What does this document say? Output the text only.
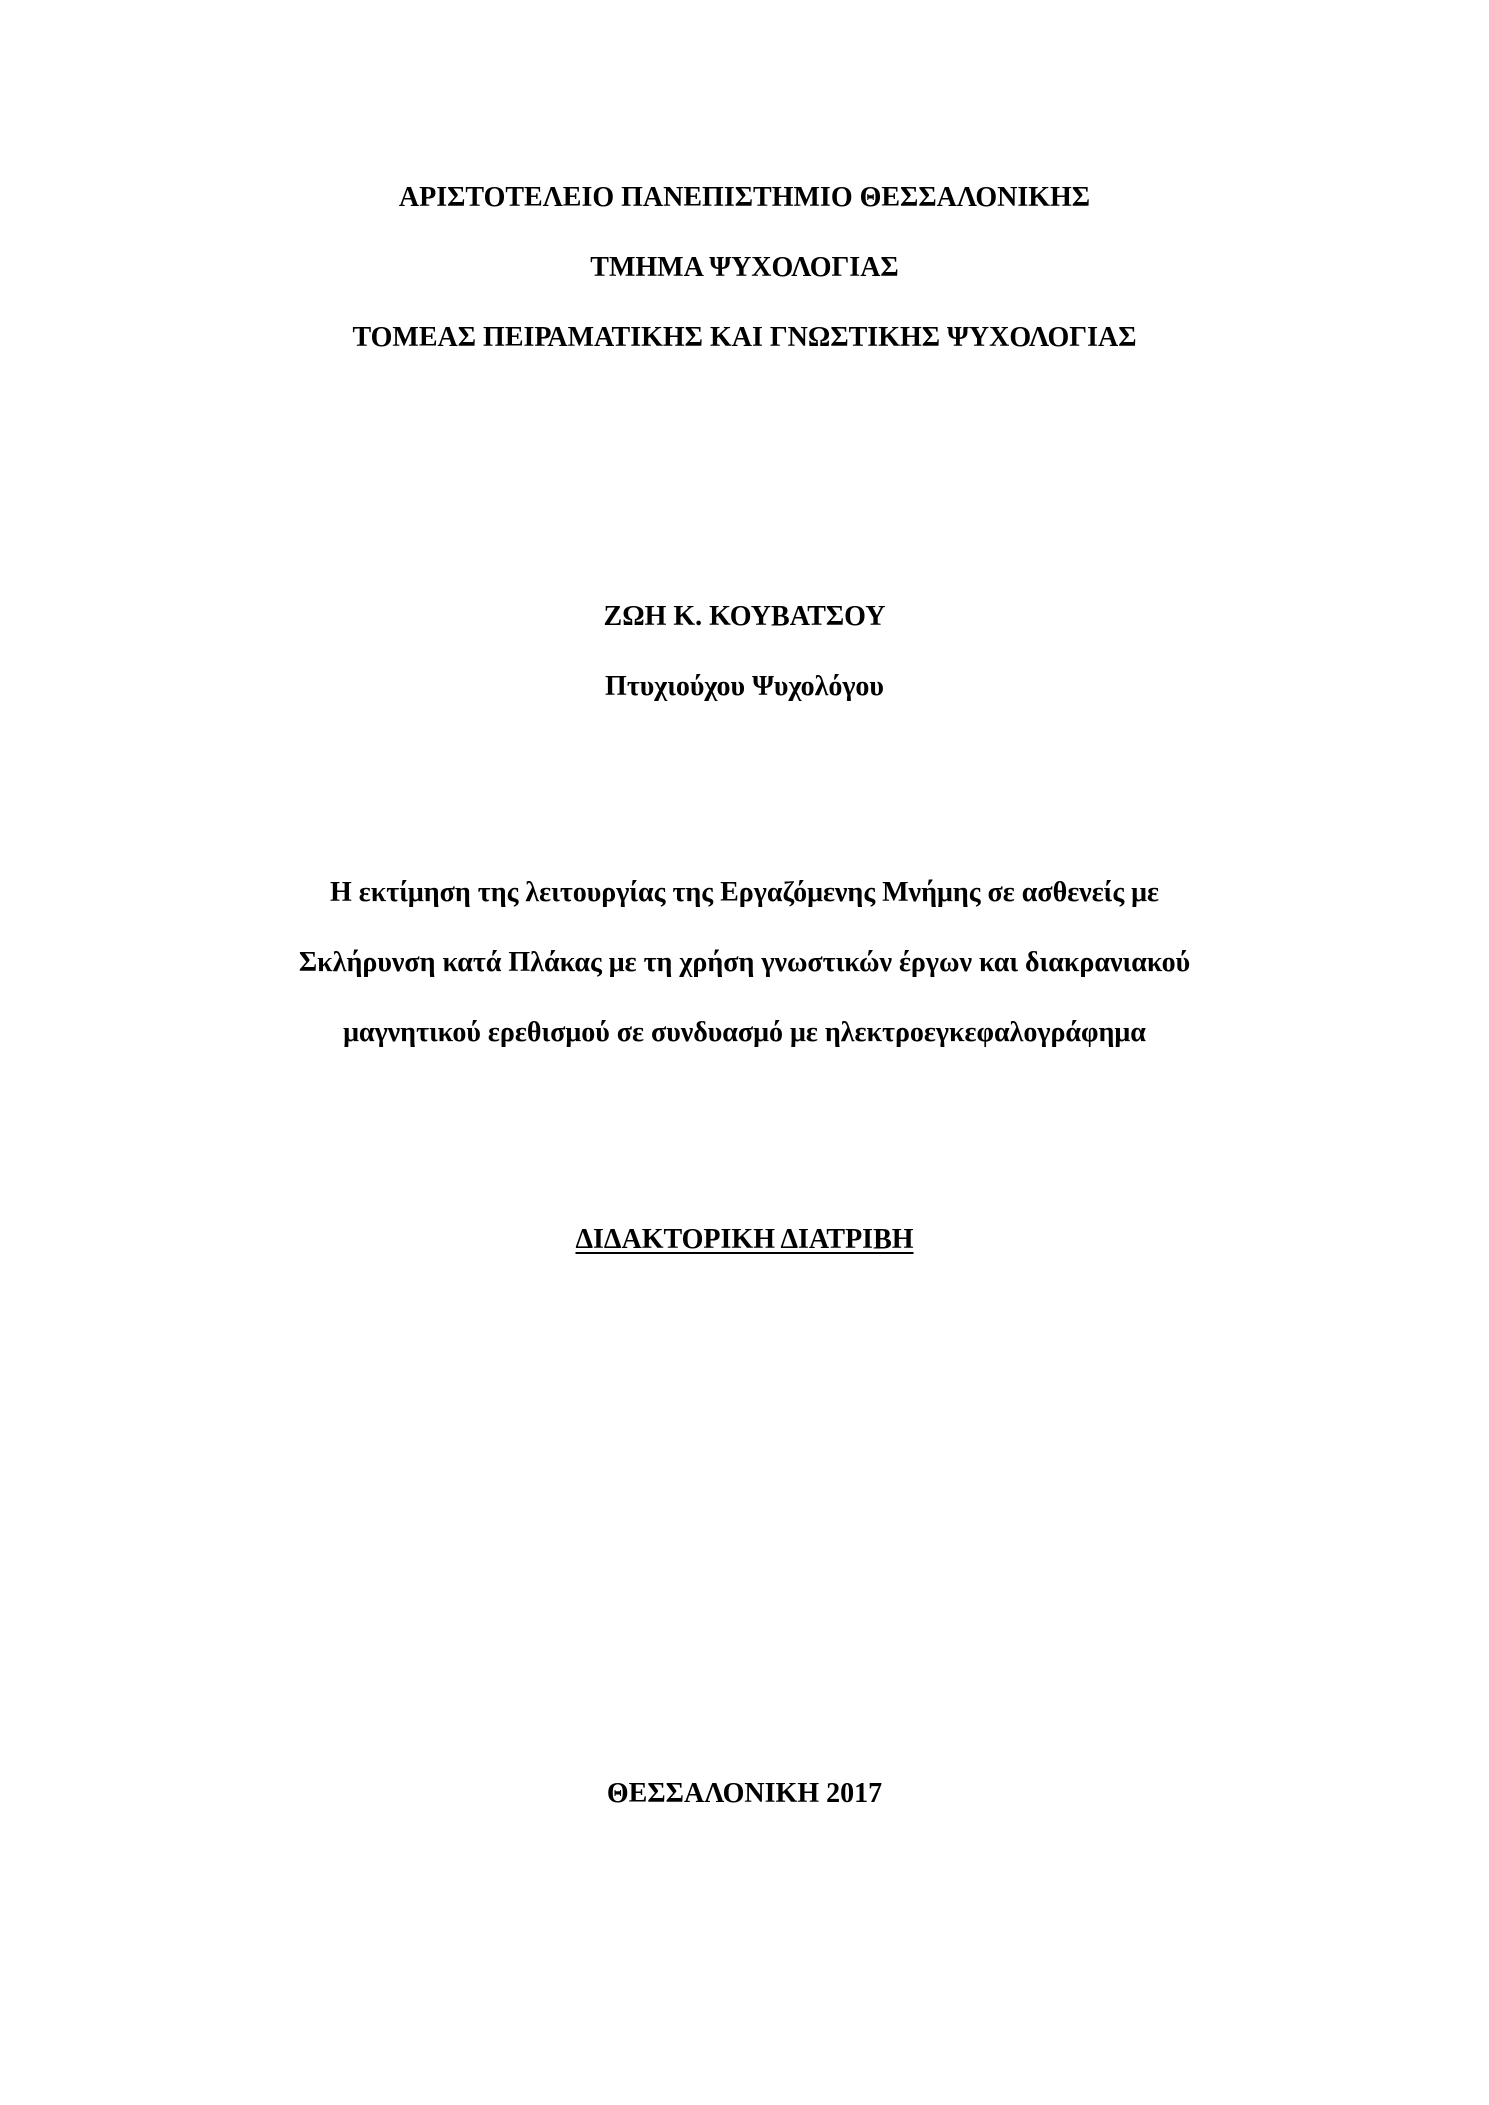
ΑΡΙΣΤΟΤΕΛΕΙΟ ΠΑΝΕΠΙΣΤΗΜΙΟ ΘΕΣΣΑΛΟΝΙΚΗΣ
ΤΜΗΜΑ ΨΥΧΟΛΟΓΙΑΣ
ΤΟΜΕΑΣ ΠΕΙΡΑΜΑΤΙΚΗΣ ΚΑΙ ΓΝΩΣΤΙΚΗΣ ΨΥΧΟΛΟΓΙΑΣ
ΖΩΗ Κ. ΚΟΥΒΑΤΣΟΥ
Πτυχιούχου Ψυχολόγου
Η εκτίμηση της λειτουργίας της Εργαζόμενης Μνήμης σε ασθενείς με
Σκλήρυνση κατά Πλάκας με τη χρήση γνωστικών έργων και διακρανιακού
μαγνητικού ερεθισμού σε συνδυασμό με ηλεκτροεγκεφαλογράφημα
ΔΙΔΑΚΤΟΡΙΚΗ ΔΙΑΤΡΙΒΗ
ΘΕΣΣΑΛΟΝΙΚΗ 2017
